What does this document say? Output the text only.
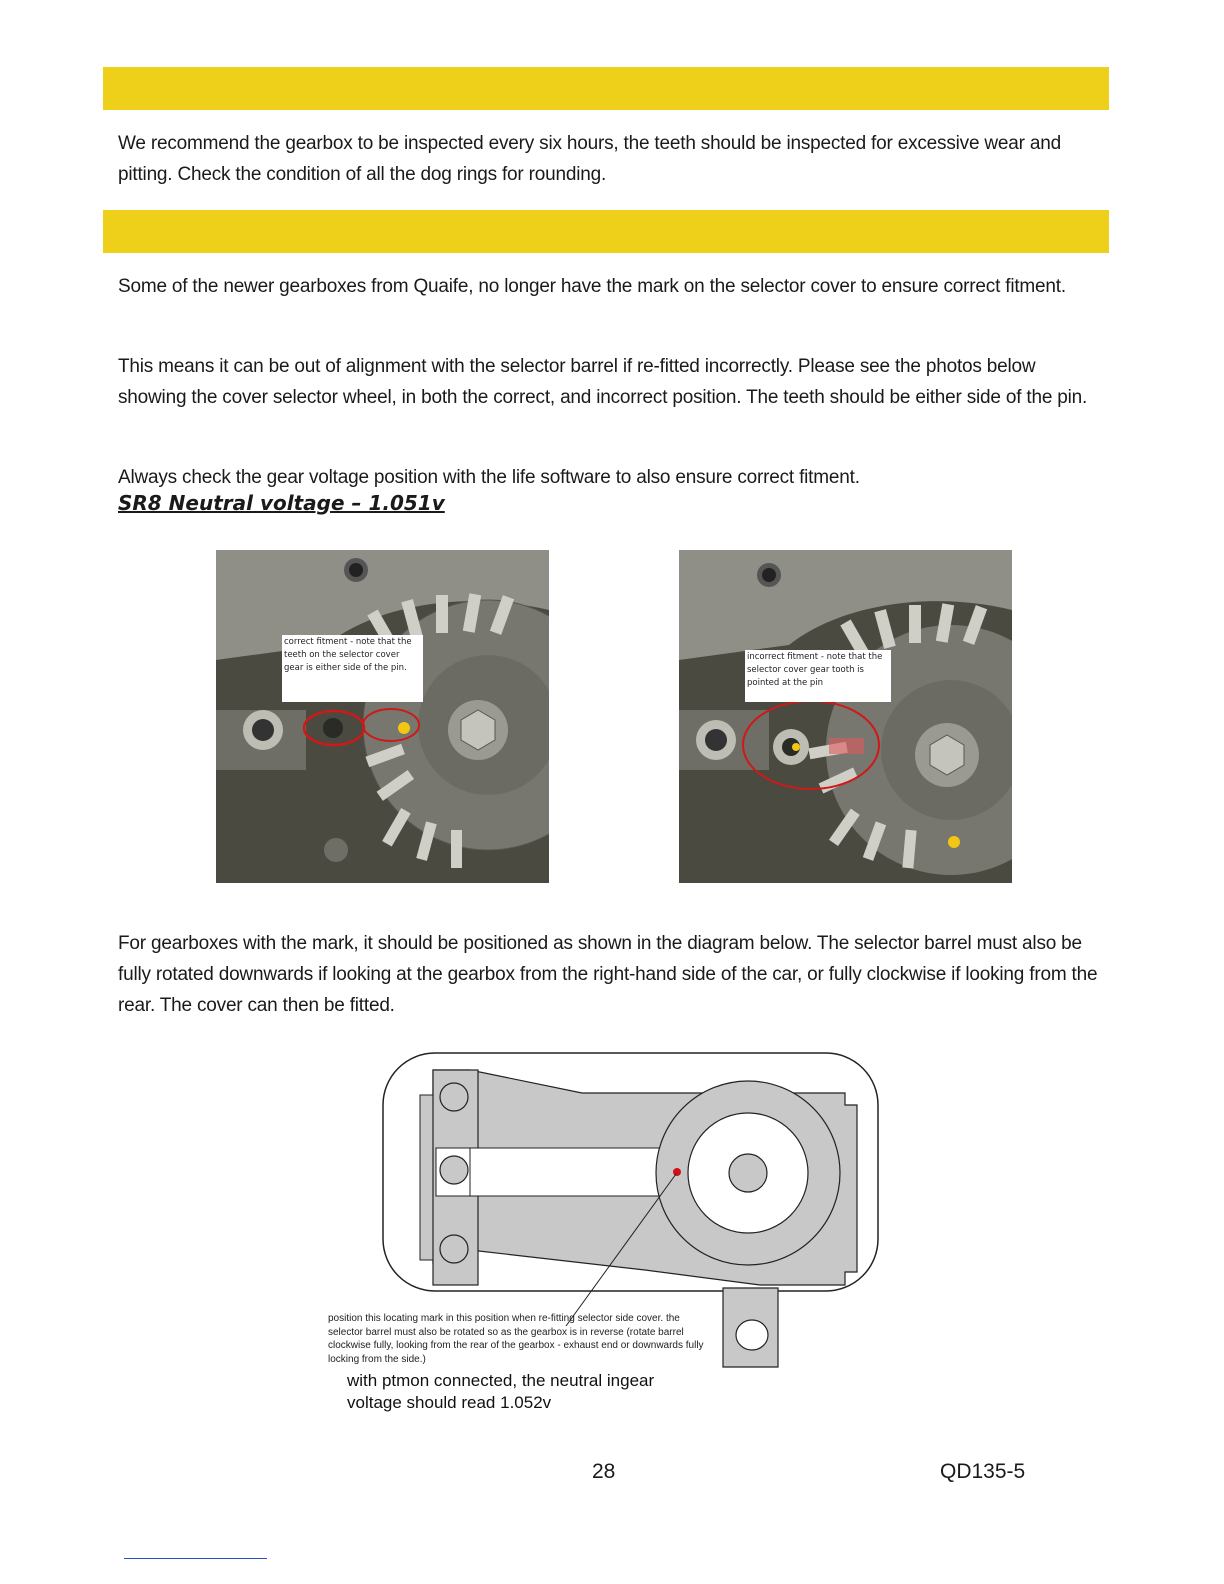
We recommend the gearbox to be inspected every six hours, the teeth should be inspected for excessive wear and pitting. Check the condition of all the dog rings for rounding.
Some of the newer gearboxes from Quaife, no longer have the mark on the selector cover to ensure correct fitment.
This means it can be out of alignment with the selector barrel if re-fitted incorrectly. Please see the photos below showing the cover selector wheel, in both the correct, and incorrect position. The teeth should be either side of the pin.
Always check the gear voltage position with the life software to also ensure correct fitment.
SR8 Neutral voltage – 1.051v
correct fitment - note that the teeth on the selector cover gear is either side of the pin.
incorrect fitment - note that the selector cover gear tooth is pointed at the pin
For gearboxes with the mark, it should be positioned as shown in the diagram below. The selector barrel must also be fully rotated downwards if looking at the gearbox from the right-hand side of the car, or fully clockwise if looking from the rear. The cover can then be fitted.
position this locating mark in this position when re-fitting selector side cover. the selector barrel must also be rotated so as the gearbox is in reverse (rotate barrel clockwise fully, looking from the rear of the gearbox - exhaust end or downwards fully locking from the side.)
with ptmon connected, the neutral ingear voltage should read 1.052v
28	QD135-5
